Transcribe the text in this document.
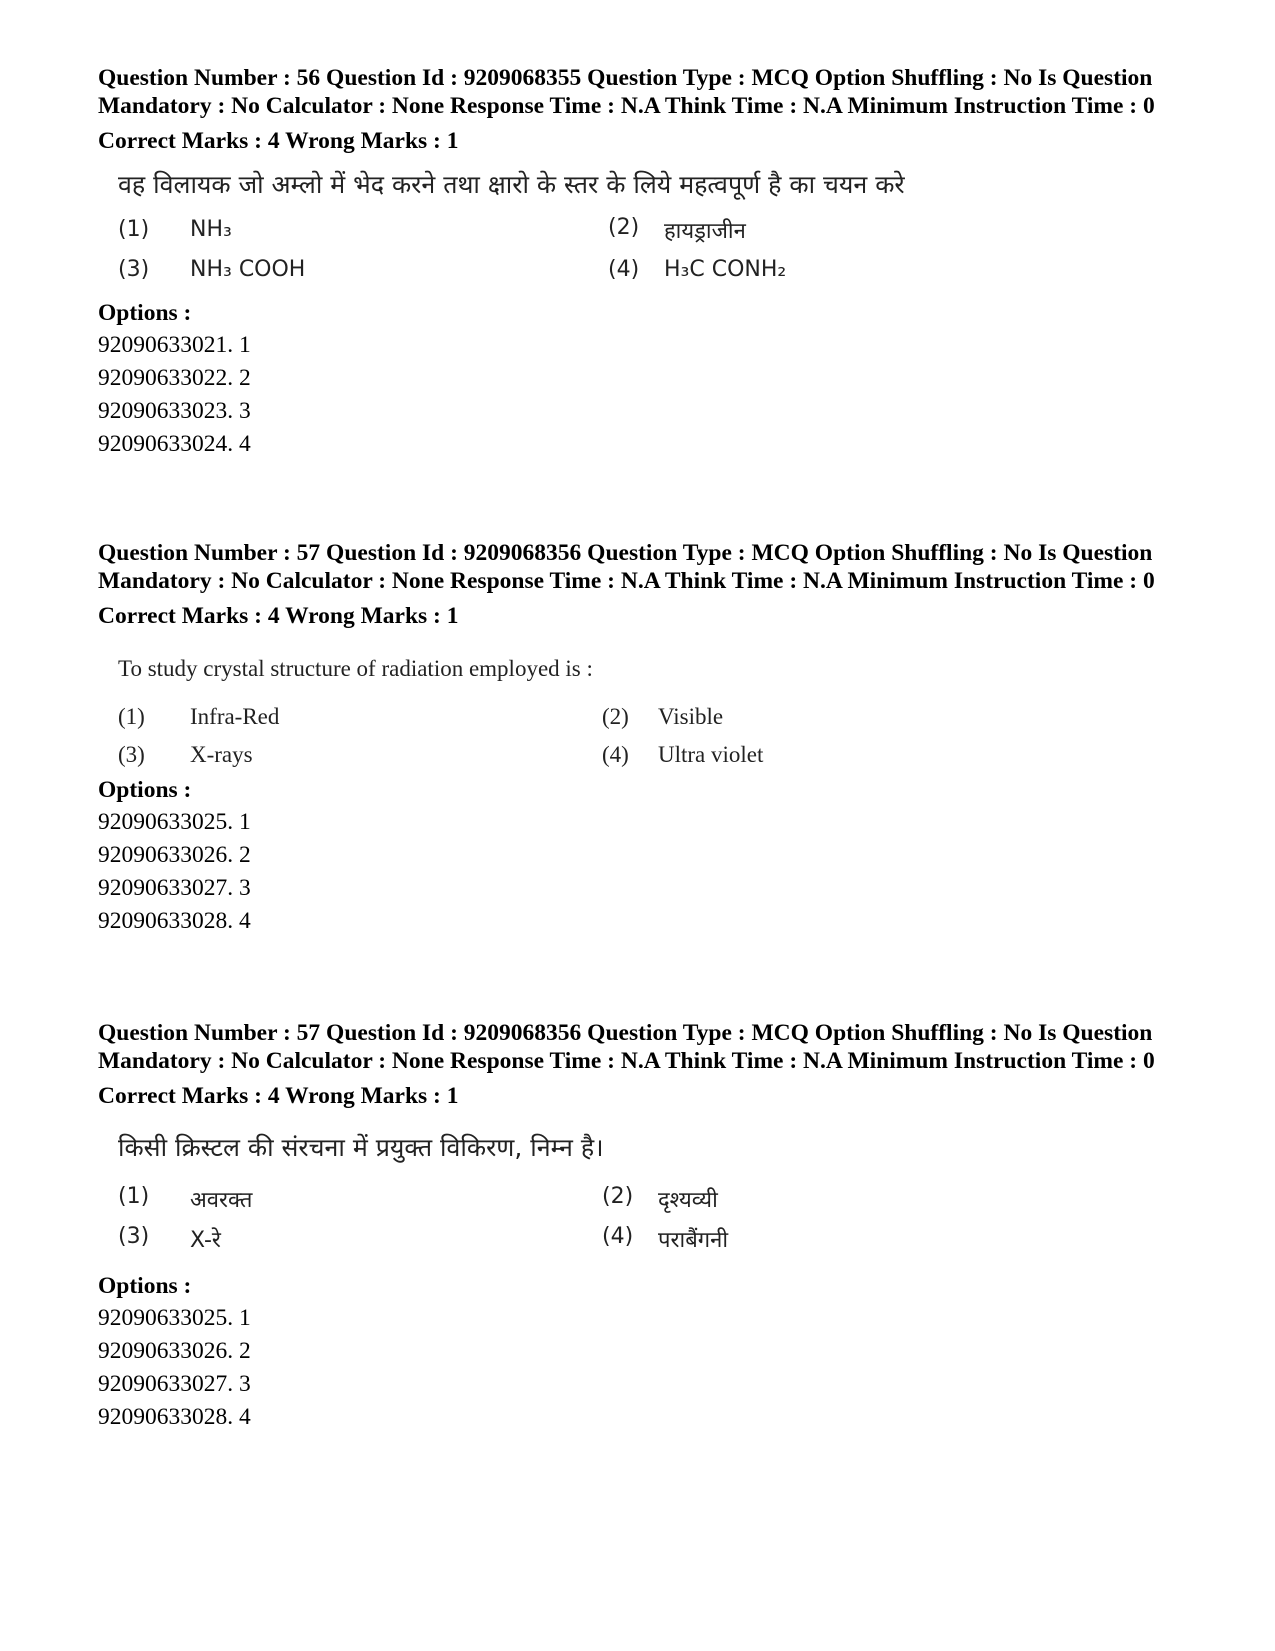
Question Number : 56 Question Id : 9209068355 Question Type : MCQ Option Shuffling : No Is Question Mandatory : No Calculator : None Response Time : N.A Think Time : N.A Minimum Instruction Time : 0

Correct Marks : 4 Wrong Marks : 1
वह विलायक जो अम्लो में भेद करने तथा क्षारो के स्तर के लिये महत्वपूर्ण है का चयन करे
(1) NH₃	(2) हायड्राजीन
(3) NH₃ COOH	(4) H₃C CONH₂
Options :
92090633021. 1
92090633022. 2
92090633023. 3
92090633024. 4

Question Number : 57 Question Id : 9209068356 Question Type : MCQ Option Shuffling : No Is Question Mandatory : No Calculator : None Response Time : N.A Think Time : N.A Minimum Instruction Time : 0

Correct Marks : 4 Wrong Marks : 1
To study crystal structure of radiation employed is :
(1) Infra-Red	(2) Visible
(3) X-rays	(4) Ultra violet
Options :
92090633025. 1
92090633026. 2
92090633027. 3
92090633028. 4

Question Number : 57 Question Id : 9209068356 Question Type : MCQ Option Shuffling : No Is Question Mandatory : No Calculator : None Response Time : N.A Think Time : N.A Minimum Instruction Time : 0

Correct Marks : 4 Wrong Marks : 1
किसी क्रिस्टल की संरचना में प्रयुक्त विकिरण, निम्न है।
(1) अवरक्त	(2) दृश्यव्यी
(3) X-रे	(4) पराबैंगनी
Options :
92090633025. 1
92090633026. 2
92090633027. 3
92090633028. 4
